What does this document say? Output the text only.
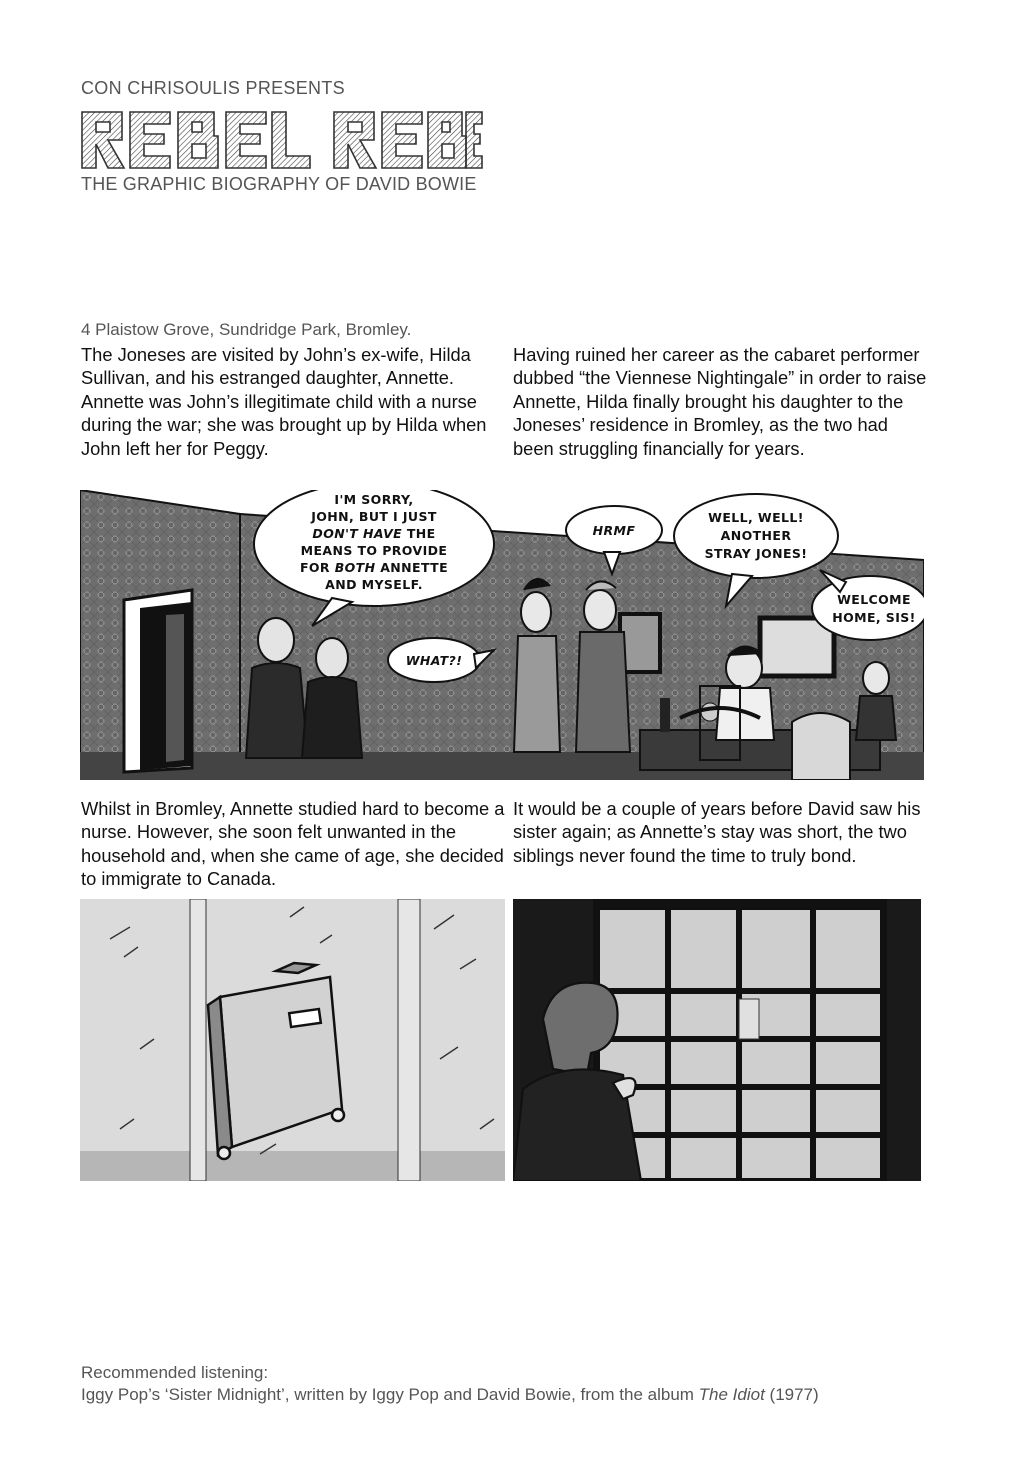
CON CHRISOULIS PRESENTS
THE GRAPHIC BIOGRAPHY OF DAVID BOWIE
4 Plaistow Grove, Sundridge Park, Bromley.
The Joneses are visited by John’s ex-wife, Hilda Sullivan, and his estranged daughter, Annette. Annette was John’s illegitimate child with a nurse during the war; she was brought up by Hilda when John left her for Peggy.
Having ruined her career as the cabaret performer dubbed “the Viennese Nightingale” in order to raise Annette, Hilda finally brought his daughter to the Joneses’ residence in Bromley, as the two had been struggling financially for years.
I'M SORRY,
JOHN, BUT I JUST
DON'T HAVE THE
MEANS TO PROVIDE
FOR BOTH ANNETTE
AND MYSELF.
WHAT?!
HRMF
WELL, WELL!
ANOTHER
STRAY JONES!
WELCOME
HOME, SIS!
Whilst in Bromley, Annette studied hard to become a nurse. However, she soon felt unwanted in the household and, when she came of age, she decided to immigrate to Canada.
It would be a couple of years before David saw his sister again; as Annette’s stay was short, the two siblings never found the time to truly bond.
Recommended listening:
Iggy Pop’s ‘Sister Midnight’, written by Iggy Pop and David Bowie, from the album The Idiot (1977)
